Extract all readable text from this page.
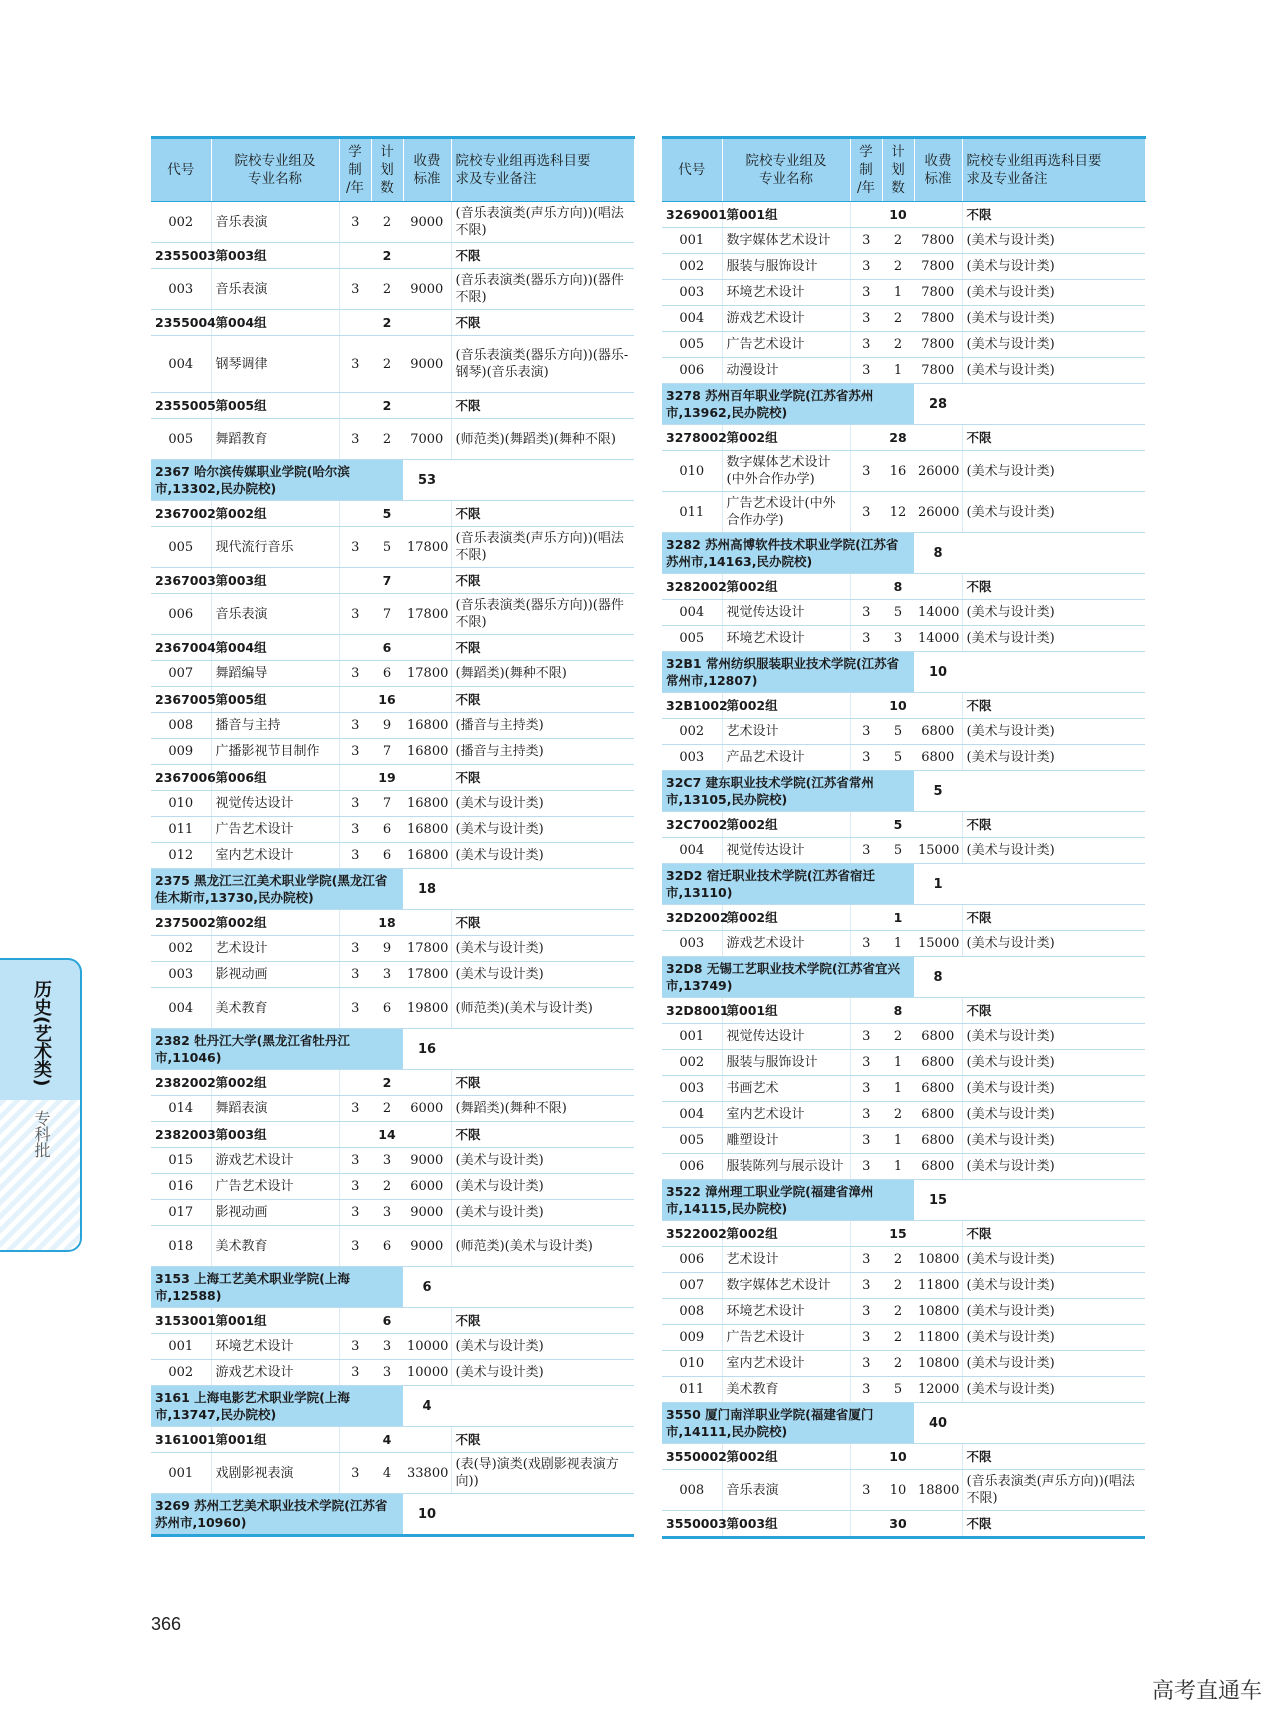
代号	院校专业组及
专业名称	学
制
/年	计
划
数	收费
标准	院校专业组再选科目要
求及专业备注
002	音乐表演	3	2	9000	(音乐表演类(声乐方向))(唱法不限)
2355003	第003组		2		不限
003	音乐表演	3	2	9000	(音乐表演类(器乐方向))(器件不限)
2355004	第004组		2		不限
004	钢琴调律	3	2	9000	(音乐表演类(器乐方向))(器乐-钢琴)(音乐表演)
2355005	第005组		2		不限
005	舞蹈教育	3	2	7000	(师范类)(舞蹈类)(舞种不限)
2367 哈尔滨传媒职业学院(哈尔滨市,13302,民办院校)				53	
2367002	第002组		5		不限
005	现代流行音乐	3	5	17800	(音乐表演类(声乐方向))(唱法不限)
2367003	第003组		7		不限
006	音乐表演	3	7	17800	(音乐表演类(器乐方向))(器件不限)
2367004	第004组		6		不限
007	舞蹈编导	3	6	17800	(舞蹈类)(舞种不限)
2367005	第005组		16		不限
008	播音与主持	3	9	16800	(播音与主持类)
009	广播影视节目制作	3	7	16800	(播音与主持类)
2367006	第006组		19		不限
010	视觉传达设计	3	7	16800	(美术与设计类)
011	广告艺术设计	3	6	16800	(美术与设计类)
012	室内艺术设计	3	6	16800	(美术与设计类)
2375 黑龙江三江美术职业学院(黑龙江省佳木斯市,13730,民办院校)				18	
2375002	第002组		18		不限
002	艺术设计	3	9	17800	(美术与设计类)
003	影视动画	3	3	17800	(美术与设计类)
004	美术教育	3	6	19800	(师范类)(美术与设计类)
2382 牡丹江大学(黑龙江省牡丹江市,11046)				16	
2382002	第002组		2		不限
014	舞蹈表演	3	2	6000	(舞蹈类)(舞种不限)
2382003	第003组		14		不限
015	游戏艺术设计	3	3	9000	(美术与设计类)
016	广告艺术设计	3	2	6000	(美术与设计类)
017	影视动画	3	3	9000	(美术与设计类)
018	美术教育	3	6	9000	(师范类)(美术与设计类)
3153 上海工艺美术职业学院(上海市,12588)				6	
3153001	第001组		6		不限
001	环境艺术设计	3	3	10000	(美术与设计类)
002	游戏艺术设计	3	3	10000	(美术与设计类)
3161 上海电影艺术职业学院(上海市,13747,民办院校)				4	
3161001	第001组		4		不限
001	戏剧影视表演	3	4	33800	(表(导)演类(戏剧影视表演方向))
3269 苏州工艺美术职业技术学院(江苏省苏州市,10960)				10	
代号	院校专业组及
专业名称	学
制
/年	计
划
数	收费
标准	院校专业组再选科目要
求及专业备注
3269001	第001组		10		不限
001	数字媒体艺术设计	3	2	7800	(美术与设计类)
002	服装与服饰设计	3	2	7800	(美术与设计类)
003	环境艺术设计	3	1	7800	(美术与设计类)
004	游戏艺术设计	3	2	7800	(美术与设计类)
005	广告艺术设计	3	2	7800	(美术与设计类)
006	动漫设计	3	1	7800	(美术与设计类)
3278 苏州百年职业学院(江苏省苏州市,13962,民办院校)				28	
3278002	第002组		28		不限
010	数字媒体艺术设计(中外合作办学)	3	16	26000	(美术与设计类)
011	广告艺术设计(中外合作办学)	3	12	26000	(美术与设计类)
3282 苏州高博软件技术职业学院(江苏省苏州市,14163,民办院校)				8	
3282002	第002组		8		不限
004	视觉传达设计	3	5	14000	(美术与设计类)
005	环境艺术设计	3	3	14000	(美术与设计类)
32B1 常州纺织服装职业技术学院(江苏省常州市,12807)				10	
32B1002	第002组		10		不限
002	艺术设计	3	5	6800	(美术与设计类)
003	产品艺术设计	3	5	6800	(美术与设计类)
32C7 建东职业技术学院(江苏省常州市,13105,民办院校)				5	
32C7002	第002组		5		不限
004	视觉传达设计	3	5	15000	(美术与设计类)
32D2 宿迁职业技术学院(江苏省宿迁市,13110)				1	
32D2002	第002组		1		不限
003	游戏艺术设计	3	1	15000	(美术与设计类)
32D8 无锡工艺职业技术学院(江苏省宜兴市,13749)				8	
32D8001	第001组		8		不限
001	视觉传达设计	3	2	6800	(美术与设计类)
002	服装与服饰设计	3	1	6800	(美术与设计类)
003	书画艺术	3	1	6800	(美术与设计类)
004	室内艺术设计	3	2	6800	(美术与设计类)
005	雕塑设计	3	1	6800	(美术与设计类)
006	服装陈列与展示设计	3	1	6800	(美术与设计类)
3522 漳州理工职业学院(福建省漳州市,14115,民办院校)				15	
3522002	第002组		15		不限
006	艺术设计	3	2	10800	(美术与设计类)
007	数字媒体艺术设计	3	2	11800	(美术与设计类)
008	环境艺术设计	3	2	10800	(美术与设计类)
009	广告艺术设计	3	2	11800	(美术与设计类)
010	室内艺术设计	3	2	10800	(美术与设计类)
011	美术教育	3	5	12000	(美术与设计类)
3550 厦门南洋职业学院(福建省厦门市,14111,民办院校)				40	
3550002	第002组		10		不限
008	音乐表演	3	10	18800	(音乐表演类(声乐方向))(唱法不限)
3550003	第003组		30		不限
历史(艺术类)
专科批
366
高考直通车
